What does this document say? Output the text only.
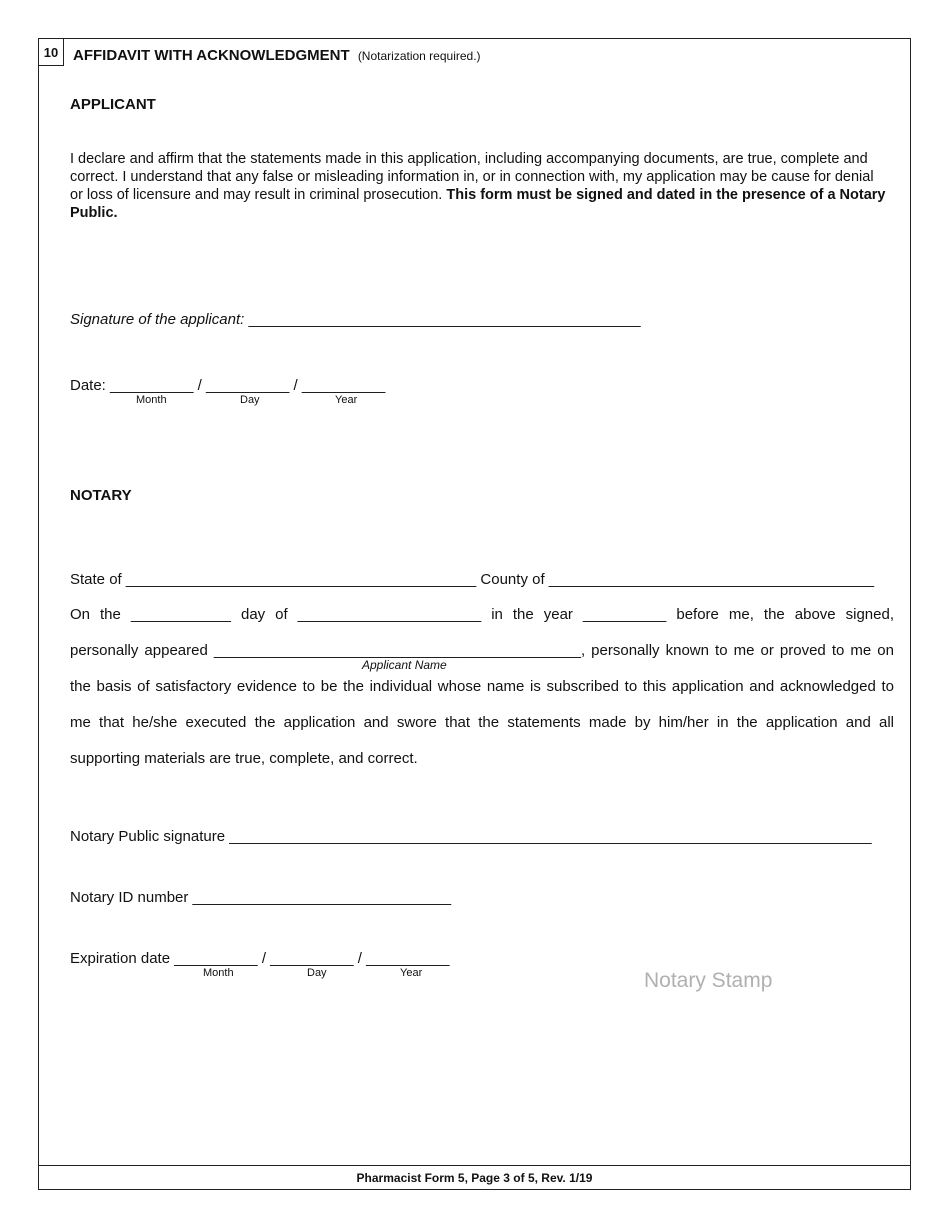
10 AFFIDAVIT WITH ACKNOWLEDGMENT (Notarization required.)
APPLICANT
I declare and affirm that the statements made in this application, including accompanying documents, are true, complete and correct. I understand that any false or misleading information in, or in connection with, my application may be cause for denial or loss of licensure and may result in criminal prosecution. This form must be signed and dated in the presence of a Notary Public.
Signature of the applicant: _______________________________________________
Date: __________ / __________ / __________
Month	Day	Year
NOTARY
State of __________________________________________ County of _______________________________________
On the ____________ day of ______________________ in the year __________ before me, the above signed,
personally appeared ____________________________________________, personally known to me or proved to me on
the basis of satisfactory evidence to be the individual whose name is subscribed to this application and acknowledged to
me that he/she executed the application and swore that the statements made by him/her in the application and all
supporting materials are true, complete, and correct.
Applicant Name
Notary Public signature _____________________________________________________________________________
Notary ID number _______________________________
Expiration date __________ / __________ / __________
Month	Day	Year	Notary Stamp
Pharmacist Form 5, Page 3 of 5, Rev. 1/19
